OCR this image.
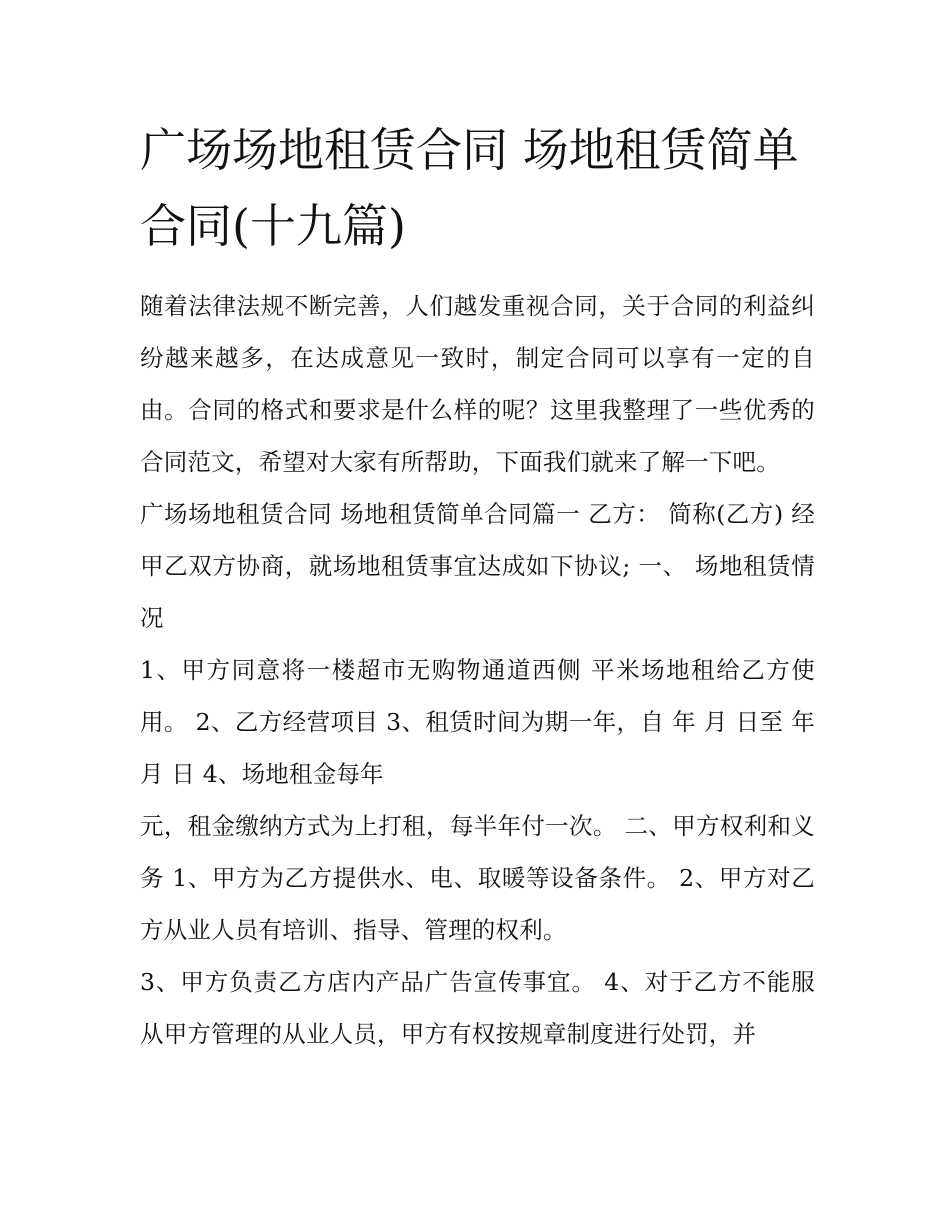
广场场地租赁合同 场地租赁简单合同(十九篇)

随着法律法规不断完善，人们越发重视合同，关于合同的利益纠纷越来越多，在达成意见一致时，制定合同可以享有一定的自由。合同的格式和要求是什么样的呢？这里我整理了一些优秀的合同范文，希望对大家有所帮助，下面我们就来了解一下吧。

广场场地租赁合同 场地租赁简单合同篇一 乙方： 简称(乙方) 经甲乙双方协商，就场地租赁事宜达成如下协议; 一、 场地租赁情况

1、甲方同意将一楼超市无购物通道西侧 平米场地租给乙方使用。 2、乙方经营项目 3、租赁时间为期一年，自 年 月 日至 年 月 日 4、场地租金每年

元，租金缴纳方式为上打租，每半年付一次。 二、甲方权利和义务 1、甲方为乙方提供水、电、取暖等设备条件。 2、甲方对乙方从业人员有培训、指导、管理的权利。

3、甲方负责乙方店内产品广告宣传事宜。 4、对于乙方不能服从甲方管理的从业人员，甲方有权按规章制度进行处罚，并
